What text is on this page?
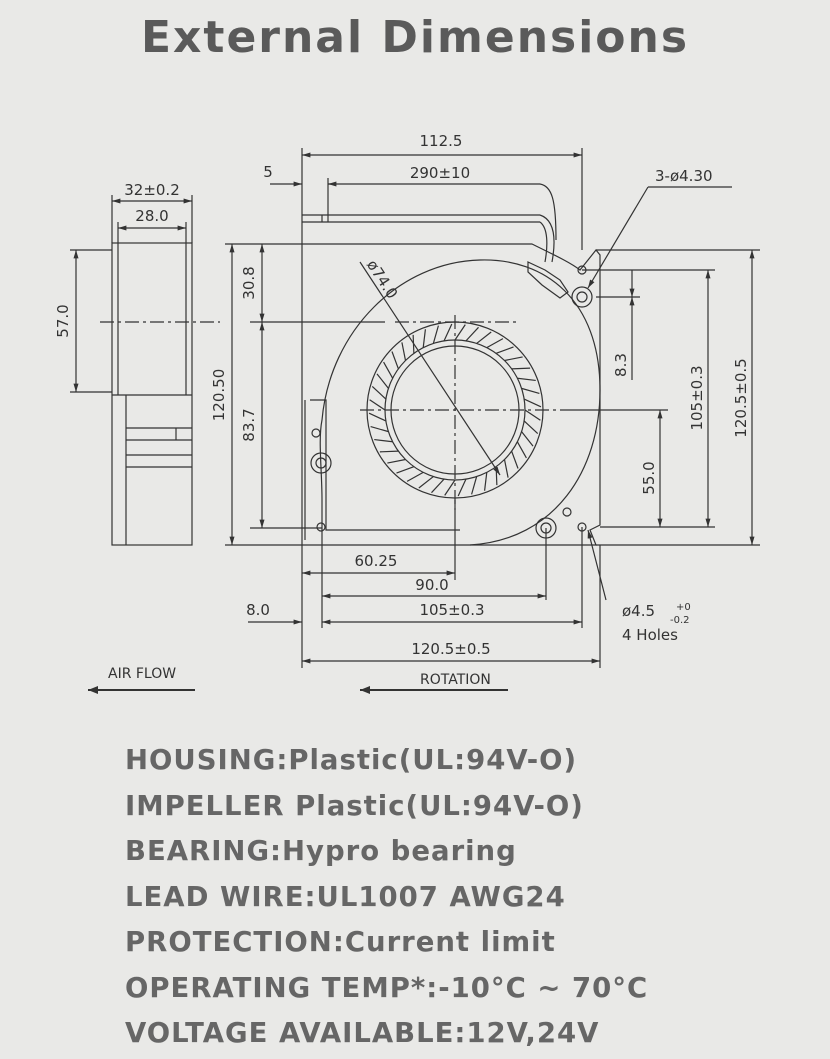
External Dimensions
112.5
5	290±10	3-ø4.30
32±0.2
28.0
57.0
120.50
30.8
83.7
ø74.0
8.3
105±0.3 120.5±0.5
55.0
60.25
90.0
8.0	105±0.3
120.5±0.5
ø4.5 +0
-0.2
4 Holes
AIR FLOW	ROTATION
HOUSING:Plastic(UL:94V-O)
IMPELLER Plastic(UL:94V-O)
BEARING:Hypro bearing
LEAD WIRE:UL1007 AWG24
PROTECTION:Current limit
OPERATING TEMP*:-10°C ~ 70°C
VOLTAGE AVAILABLE:12V,24V
